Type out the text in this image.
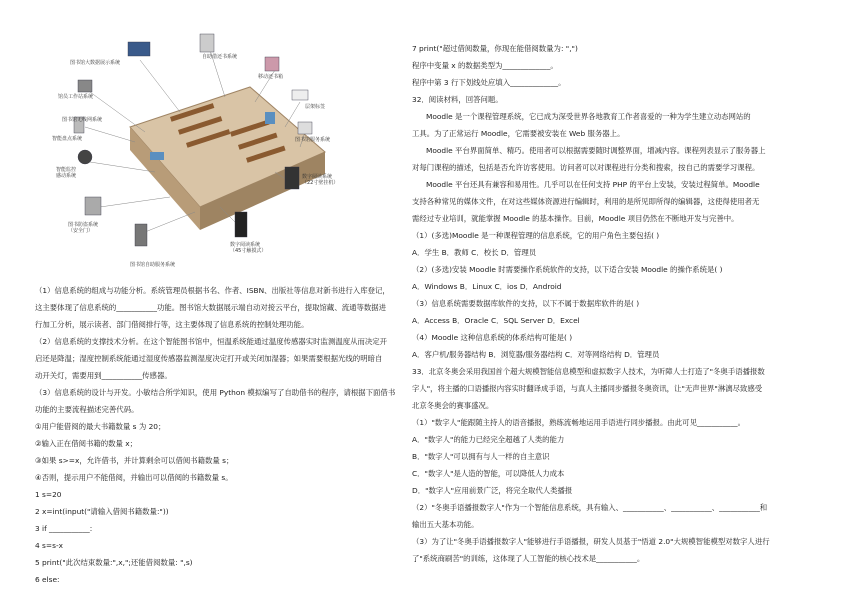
图书馆大数据展示系统
自助借还书系统
馆员工作站系统
移动还书箱
图书馆无线网系统
层架标签
智能盘点系统	图书馆服务系统
智能监控
感动系统	数字阅读系统
（22寸壁挂机）
图书防盗系统
（安全门）
数字阅读系统
（45寸触摸式）
图书馆自助服务系统
（1）信息系统的组成与功能分析。系统管理员根据书名、作者、ISBN、出版社等信息对新书进行入库登记，
这主要体现了信息系统的___________功能。图书馆大数据展示端自动对接云平台，提取馆藏、流通等数据进
行加工分析，展示读者、部门借阅排行等，这主要体现了信息系统的控制处理功能。
（2）信息系统的支撑技术分析。在这个智能图书馆中，恒温系统能通过温度传感器实时监测温度从而决定开
启还是降温；湿度控制系统能通过湿度传感器监测湿度决定打开或关闭加湿器；如果需要根据光线的明暗自
动开关灯，需要用到___________传感器。
（3）信息系统的设计与开发。小敏结合所学知识，使用 Python 模拟编写了自助借书的程序，请根据下面借书
功能的主要流程描述完善代码。
①用户能借阅的最大书籍数量 s 为 20；
②输入正在借阅书籍的数量 x；
③如果 s>=x，允许借书，并计算剩余可以借阅书籍数量 s；
④否则，提示用户不能借阅，并输出可以借阅的书籍数量 s。
1 s=20
2 x=int(input("请输入借阅书籍数量:"))
3 if ___________:
4 s=s-x
5 print("此次结束数量:",x,";还能借阅数量: ",s)
6 else:
7 print("超过借阅数量，你现在能借阅数量为: ",")
程序中变量 x 的数据类型为_____________。
程序中第 3 行下划线处应填入_____________。
32．阅读材料，回答问题。
Moodle 是一个课程管理系统，它已成为深受世界各地教育工作者喜爱的一种为学生建立动态网站的
工具。为了正常运行 Moodle，它需要被安装在 Web 服务器上。
Moodle 平台界面简单、精巧。使用者可以根据需要随时调整界面，增减内容。课程列表显示了服务器上
对每门课程的描述，包括是否允许访客使用。访问者可以对课程进行分类和搜索，按自己的需要学习课程。
Moodle 平台还具有兼容和易用性。几乎可以在任何支持 PHP 的平台上安装，安装过程简单。Moodle
支持各种常见的媒体文件，在对这些媒体资源进行编辑时，利用的是所见即所得的编辑器，这使得使用者无
需经过专业培训，就能掌握 Moodle 的基本操作。目前，Moodle 项目仍然在不断地开发与完善中。
（1）(多选)Moodle 是一种课程管理的信息系统，它的用户角色主要包括( )
A．学生 B．教师 C．校长 D．管理员
（2）(多选)安装 Moodle 时需要操作系统软件的支持，以下适合安装 Moodle 的操作系统是( )
A．Windows B．Linux C．ios D．Android
（3）信息系统需要数据库软件的支持，以下不属于数据库软件的是( )
A．Access B．Oracle C．SQL Server D．Excel
（4）Moodle 这种信息系统的体系结构可能是( )
A．客户机/服务器结构 B．浏览器/服务器结构 C．对等网络结构 D．管理员
33．北京冬奥会采用我国首个超大规模智能信息模型和虚拟数字人技术，为听障人士打造了"冬奥手语播报数
字人"，将主播的口语播报内容实时翻译成手语，与真人主播同步播报冬奥资讯，让"无声世界"淋漓尽致感受
北京冬奥会的赛事盛况。
（1）"数字人"能跟随主持人的语音播报，熟练流畅地运用手语进行同步播报。由此可见___________。
A．"数字人"的能力已经完全超越了人类的能力
B．"数字人"可以拥有与人一样的自主意识
C．"数字人"是人造的智能，可以降低人力成本
D．"数字人"应用前景广泛，将完全取代人类播报
（2）"冬奥手语播报数字人"作为一个智能信息系统，具有输入、___________、___________、___________和
输出五大基本功能。
（3）为了让"冬奥手语播报数字人"能够进行手语播报，研发人员基于"悟道 2.0"大规模智能模型对数字人进行
了"系统商刷苦"的训练，这体现了人工智能的核心技术是___________。
